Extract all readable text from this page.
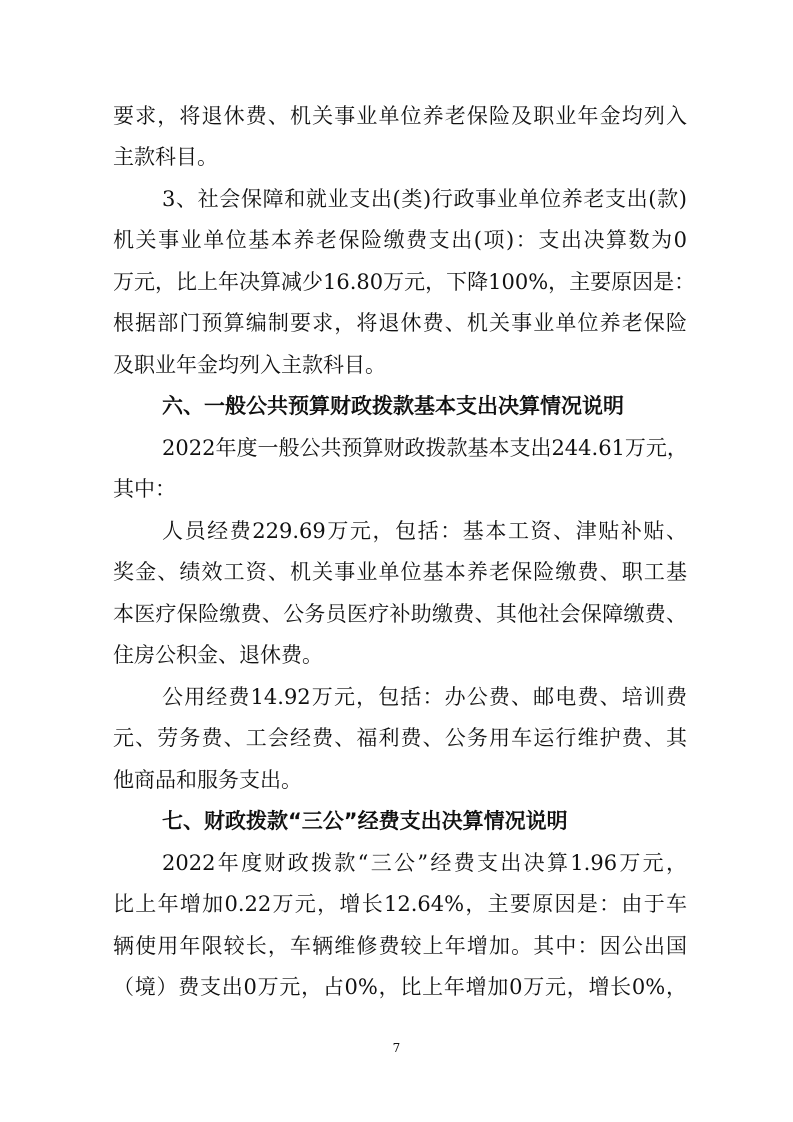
要求，将退休费、机关事业单位养老保险及职业年金均列入
主款科目。
3、社会保障和就业支出(类)行政事业单位养老支出(款)
机关事业单位基本养老保险缴费支出(项)：支出决算数为0
万元，比上年决算减少16.80万元，下降100%，主要原因是：
根据部门预算编制要求，将退休费、机关事业单位养老保险
及职业年金均列入主款科目。
六、一般公共预算财政拨款基本支出决算情况说明
2022年度一般公共预算财政拨款基本支出244.61万元，
其中：
人员经费229.69万元，包括：基本工资、津贴补贴、
奖金、绩效工资、机关事业单位基本养老保险缴费、职工基
本医疗保险缴费、公务员医疗补助缴费、其他社会保障缴费、
住房公积金、退休费。
公用经费14.92万元，包括：办公费、邮电费、培训费
元、劳务费、工会经费、福利费、公务用车运行维护费、其
他商品和服务支出。
七、财政拨款“三公”经费支出决算情况说明
2022年度财政拨款“三公”经费支出决算1.96万元，
比上年增加0.22万元，增长12.64%，主要原因是：由于车
辆使用年限较长，车辆维修费较上年增加。其中：因公出国
（境）费支出0万元，占0%，比上年增加0万元，增长0%，
7
